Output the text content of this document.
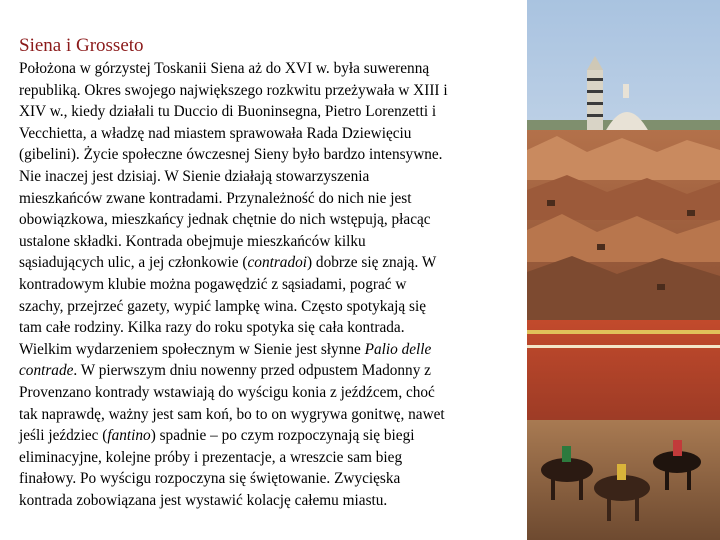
Siena i Grosseto
Położona w górzystej Toskanii Siena aż do XVI w. była suwerenną
republiką. Okres swojego największego rozkwitu przeżywała w XIII i
XIV w., kiedy działali tu Duccio di Buoninsegna, Pietro Lorenzetti i
Vecchietta, a władzę nad miastem sprawowała Rada Dziewięciu
(gibelini). Życie społeczne ówczesnej Sieny było bardzo intensywne.
Nie inaczej jest dzisiaj. W Sienie działają stowarzyszenia
mieszkańców zwane kontradami. Przynależność do nich nie jest
obowiązkowa, mieszkańcy jednak chętnie do nich wstępują, płacąc
ustalone składki. Kontrada obejmuje mieszkańców kilku
sąsiadujących ulic, a jej członkowie (contradoi) dobrze się znają. W
kontradowym klubie można pogawędzić z sąsiadami, pograć w
szachy, przejrzeć gazety, wypić lampkę wina. Często spotykają się
tam całe rodziny. Kilka razy do roku spotyka się cała kontrada.
Wielkim wydarzeniem społecznym w Sienie jest słynne Palio delle
contrade. W pierwszym dniu nowenny przed odpustem Madonny z
Provenzano kontrady wstawiają do wyścigu konia z jeźdźcem, choć
tak naprawdę, ważny jest sam koń, bo to on wygrywa gonitwę, nawet
jeśli jeździec (fantino) spadnie – po czym rozpoczynają się biegi
eliminacyjne, kolejne próby i prezentacje, a wreszcie sam bieg
finałowy. Po wyścigu rozpoczyna się świętowanie. Zwycięska
kontrada zobowiązana jest wystawić kolację całemu miastu.
